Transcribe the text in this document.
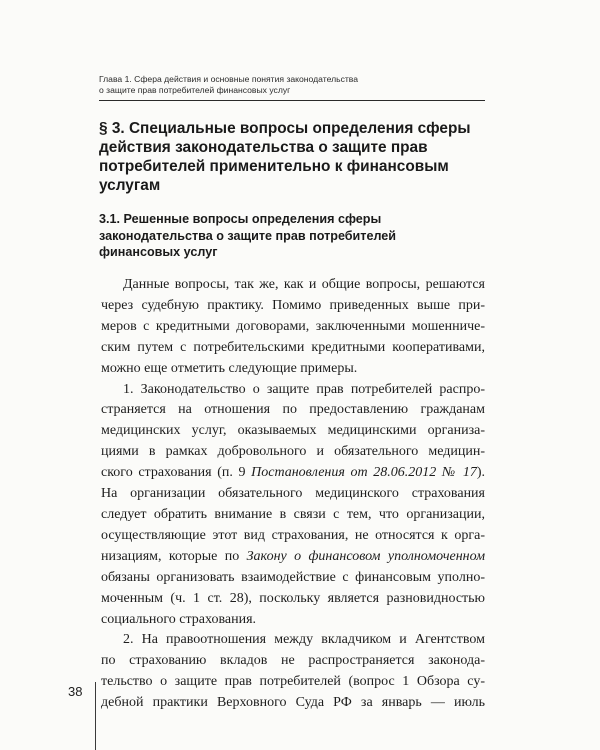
Глава 1. Сфера действия и основные понятия законодательства
о защите прав потребителей финансовых услуг
§ 3. Специальные вопросы определения сферы
действия законодательства о защите прав
потребителей применительно к финансовым
услугам
3.1. Решенные вопросы определения сферы
законодательства о защите прав потребителей
финансовых услуг
Данные вопросы, так же, как и общие вопросы, решаются
через судебную практику. Помимо приведенных выше при-
меров с кредитными договорами, заключенными мошенниче-
ским путем с потребительскими кредитными кооперативами,
можно еще отметить следующие примеры.
1. Законодательство о защите прав потребителей распро-
страняется на отношения по предоставлению гражданам
медицинских услуг, оказываемых медицинскими организа-
циями в рамках добровольного и обязательного медицин-
ского страхования (п. 9 Постановления от 28.06.2012 № 17).
На организации обязательного медицинского страхования
следует обратить внимание в связи с тем, что организации,
осуществляющие этот вид страхования, не относятся к орга-
низациям, которые по Закону о финансовом уполномоченном
обязаны организовать взаимодействие с финансовым уполно-
моченным (ч. 1 ст. 28), поскольку является разновидностью
социального страхования.
2. На правоотношения между вкладчиком и Агентством
по страхованию вкладов не распространяется законода-
тельство о защите прав потребителей (вопрос 1 Обзора су-
дебной практики Верховного Суда РФ за январь — июль
38
